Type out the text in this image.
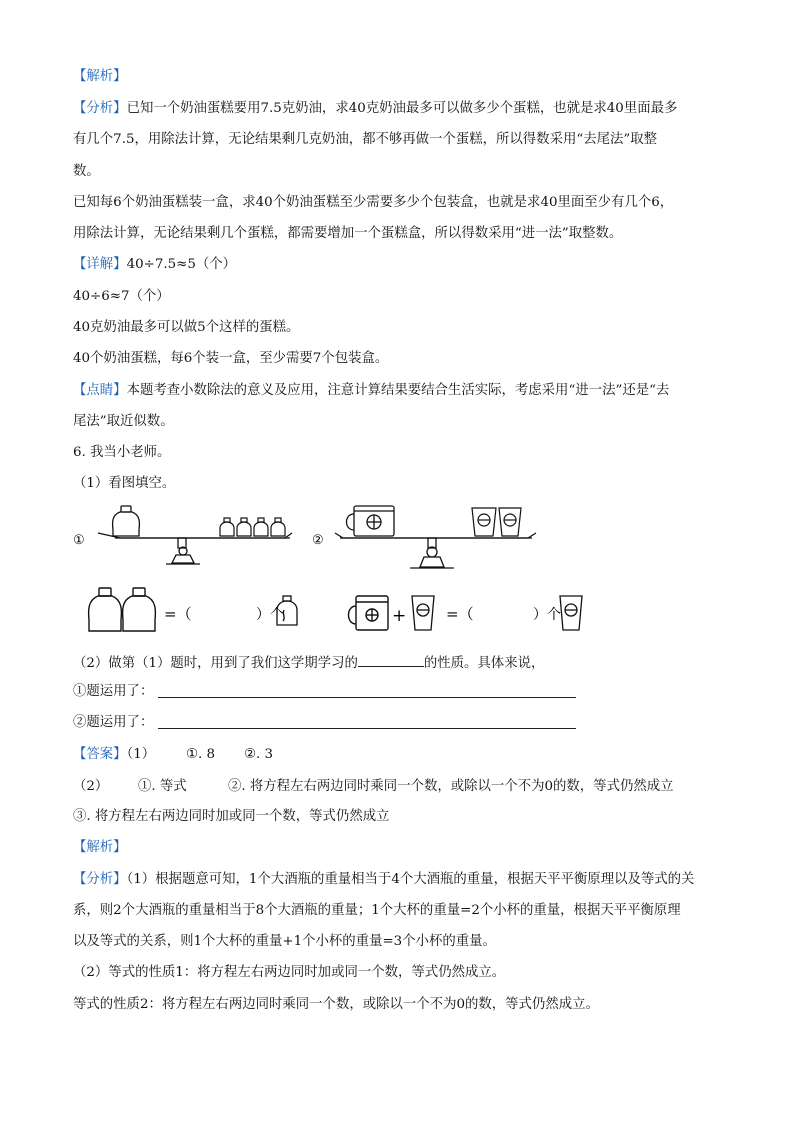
【解析】
【分析】已知一个奶油蛋糕要用7.5克奶油，求40克奶油最多可以做多少个蛋糕，也就是求40里面最多
有几个7.5，用除法计算，无论结果剩几克奶油，都不够再做一个蛋糕，所以得数采用“去尾法”取整
数。
已知每6个奶油蛋糕装一盒，求40个奶油蛋糕至少需要多少个包装盒，也就是求40里面至少有几个6，
用除法计算，无论结果剩几个蛋糕，都需要增加一个蛋糕盒，所以得数采用“进一法”取整数。
【详解】40÷7.5≈5（个）
40÷6≈7（个）
40克奶油最多可以做5个这样的蛋糕。
40个奶油蛋糕，每6个装一盒，至少需要7个包装盒。
【点睛】本题考查小数除法的意义及应用，注意计算结果要结合生活实际，考虑采用“进一法”还是“去
尾法”取近似数。
6. 我当小老师。
（1）看图填空。
①	②
=（	）个	+	=（	）个
（2）做第（1）题时，用到了我们这学期学习的	的性质。具体来说，
①题运用了：
②题运用了：
【答案】（1） ①. 8 ②. 3
（2） ①. 等式	②. 将方程左右两边同时乘同一个数，或除以一个不为0的数，等式仍然成立
③. 将方程左右两边同时加或同一个数，等式仍然成立
【解析】
【分析】（1）根据题意可知，1个大酒瓶的重量相当于4个大酒瓶的重量，根据天平平衡原理以及等式的关
系，则2个大酒瓶的重量相当于8个大酒瓶的重量；1个大杯的重量=2个小杯的重量，根据天平平衡原理
以及等式的关系，则1个大杯的重量+1个小杯的重量=3个小杯的重量。
（2）等式的性质1：将方程左右两边同时加或同一个数，等式仍然成立。
等式的性质2：将方程左右两边同时乘同一个数，或除以一个不为0的数，等式仍然成立。
